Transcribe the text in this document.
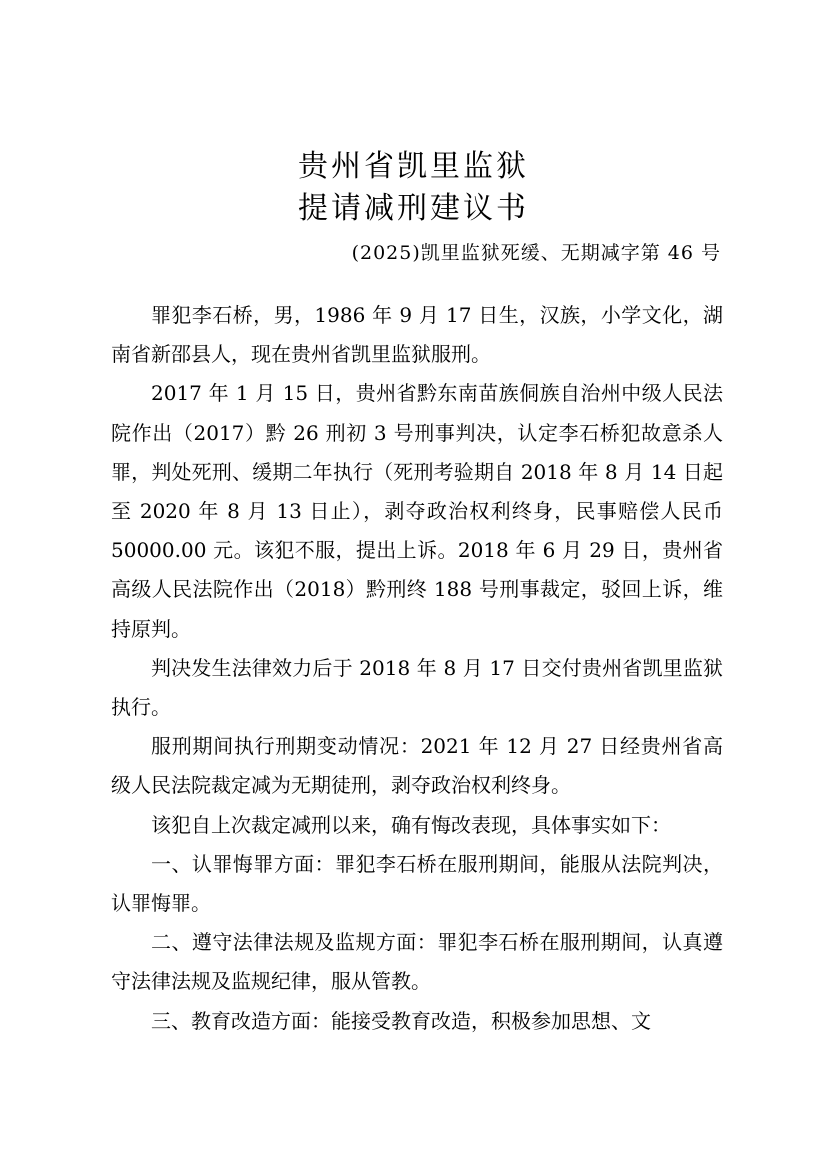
贵州省凯里监狱
提请减刑建议书
(2025)凯里监狱死缓、无期减字第 46 号

罪犯李石桥，男，1986 年 9 月 17 日生，汉族，小学文化，湖南省新邵县人，现在贵州省凯里监狱服刑。

2017 年 1 月 15 日，贵州省黔东南苗族侗族自治州中级人民法院作出（2017）黔 26 刑初 3 号刑事判决，认定李石桥犯故意杀人罪，判处死刑、缓期二年执行（死刑考验期自 2018 年 8 月 14 日起至 2020 年 8 月 13 日止），剥夺政治权利终身，民事赔偿人民币 50000.00 元。该犯不服，提出上诉。2018 年 6 月 29 日，贵州省高级人民法院作出（2018）黔刑终 188 号刑事裁定，驳回上诉，维持原判。

判决发生法律效力后于 2018 年 8 月 17 日交付贵州省凯里监狱执行。

服刑期间执行刑期变动情况：2021 年 12 月 27 日经贵州省高级人民法院裁定减为无期徒刑，剥夺政治权利终身。

该犯自上次裁定减刑以来，确有悔改表现，具体事实如下：

一、认罪悔罪方面：罪犯李石桥在服刑期间，能服从法院判决，认罪悔罪。

二、遵守法律法规及监规方面：罪犯李石桥在服刑期间，认真遵守法律法规及监规纪律，服从管教。

三、教育改造方面：能接受教育改造，积极参加思想、文
